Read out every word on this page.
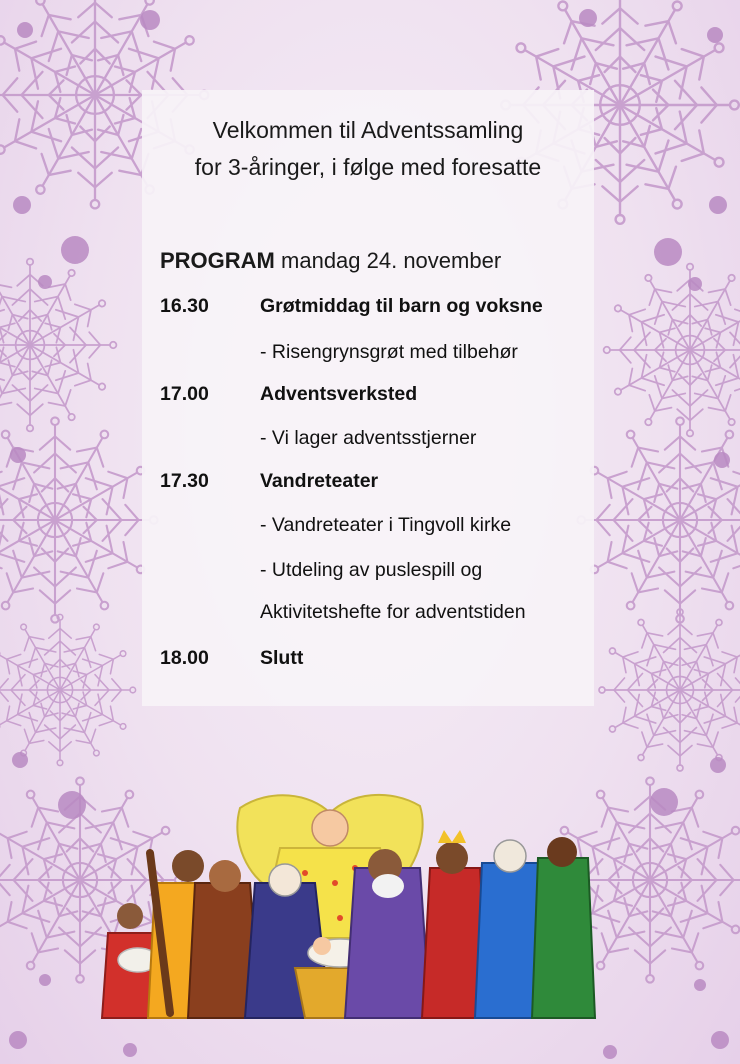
Velkommen til Adventssamling
for 3-åringer, i følge med foresatte
PROGRAM mandag 24. november
16.30	Grøtmiddag til barn og voksne
- Risengrynsgrøt med tilbehør
17.00	Adventsverksted
- Vi lager adventsstjerner
17.30	Vandreteater
- Vandreteater i Tingvoll kirke
- Utdeling av puslespill og
Aktivitetshefte for adventstiden
18.00	Slutt
